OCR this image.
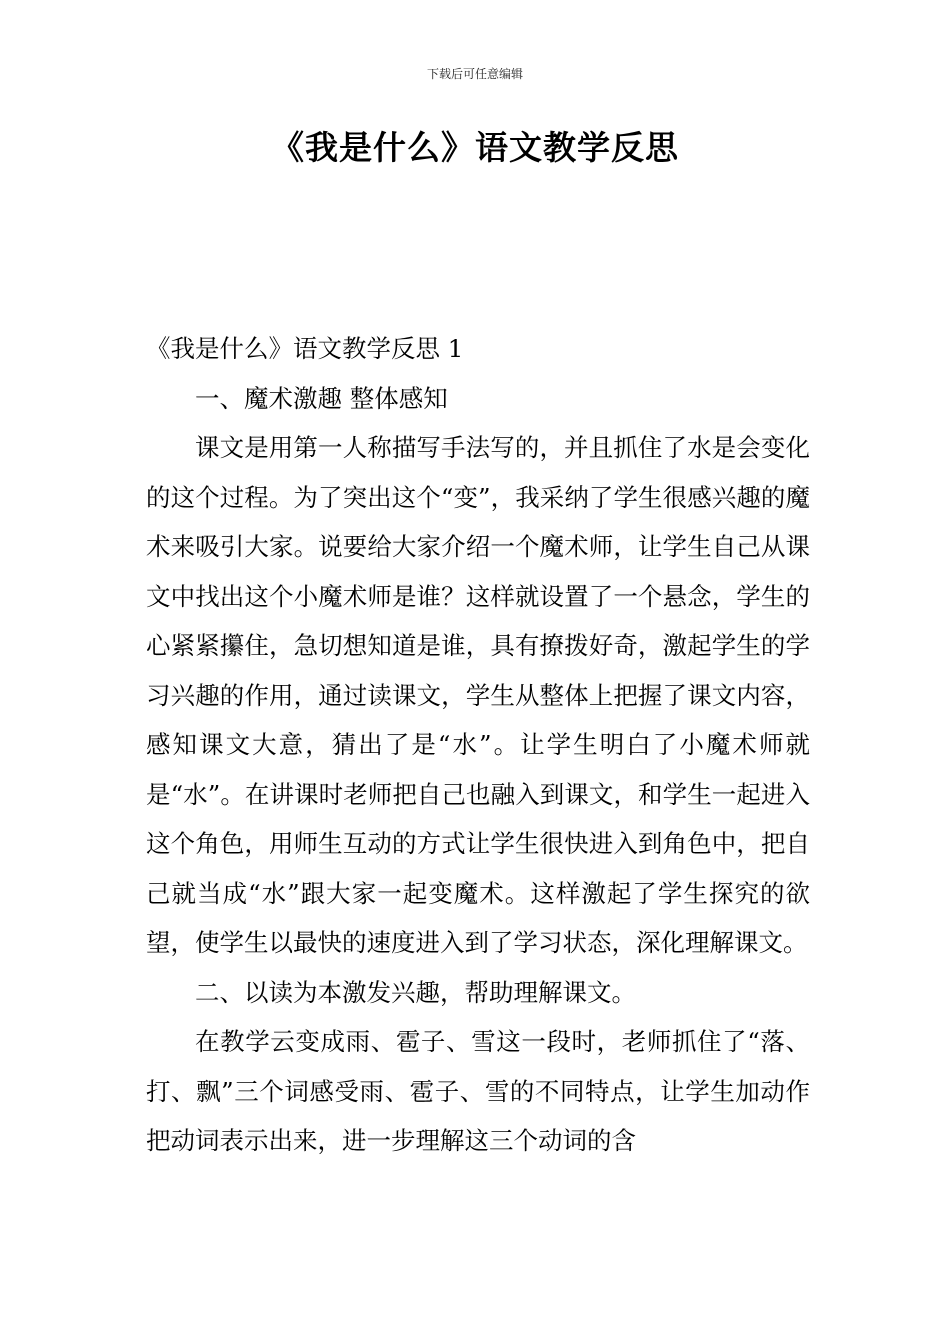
下载后可任意编辑
《我是什么》语文教学反思

《我是什么》语文教学反思 1

一、魔术激趣 整体感知

课文是用第一人称描写手法写的，并且抓住了水是会变化的这个过程。为了突出这个“变”，我采纳了学生很感兴趣的魔术来吸引大家。说要给大家介绍一个魔术师，让学生自己从课文中找出这个小魔术师是谁？这样就设置了一个悬念，学生的心紧紧攥住，急切想知道是谁，具有撩拨好奇，激起学生的学习兴趣的作用，通过读课文，学生从整体上把握了课文内容，感知课文大意，猜出了是“水”。让学生明白了小魔术师就是“水”。在讲课时老师把自己也融入到课文，和学生一起进入这个角色，用师生互动的方式让学生很快进入到角色中，把自己就当成“水”跟大家一起变魔术。这样激起了学生探究的欲望，使学生以最快的速度进入到了学习状态，深化理解课文。

二、以读为本激发兴趣，帮助理解课文。

在教学云变成雨、雹子、雪这一段时，老师抓住了“落、打、飘”三个词感受雨、雹子、雪的不同特点，让学生加动作把动词表示出来，进一步理解这三个动词的含
